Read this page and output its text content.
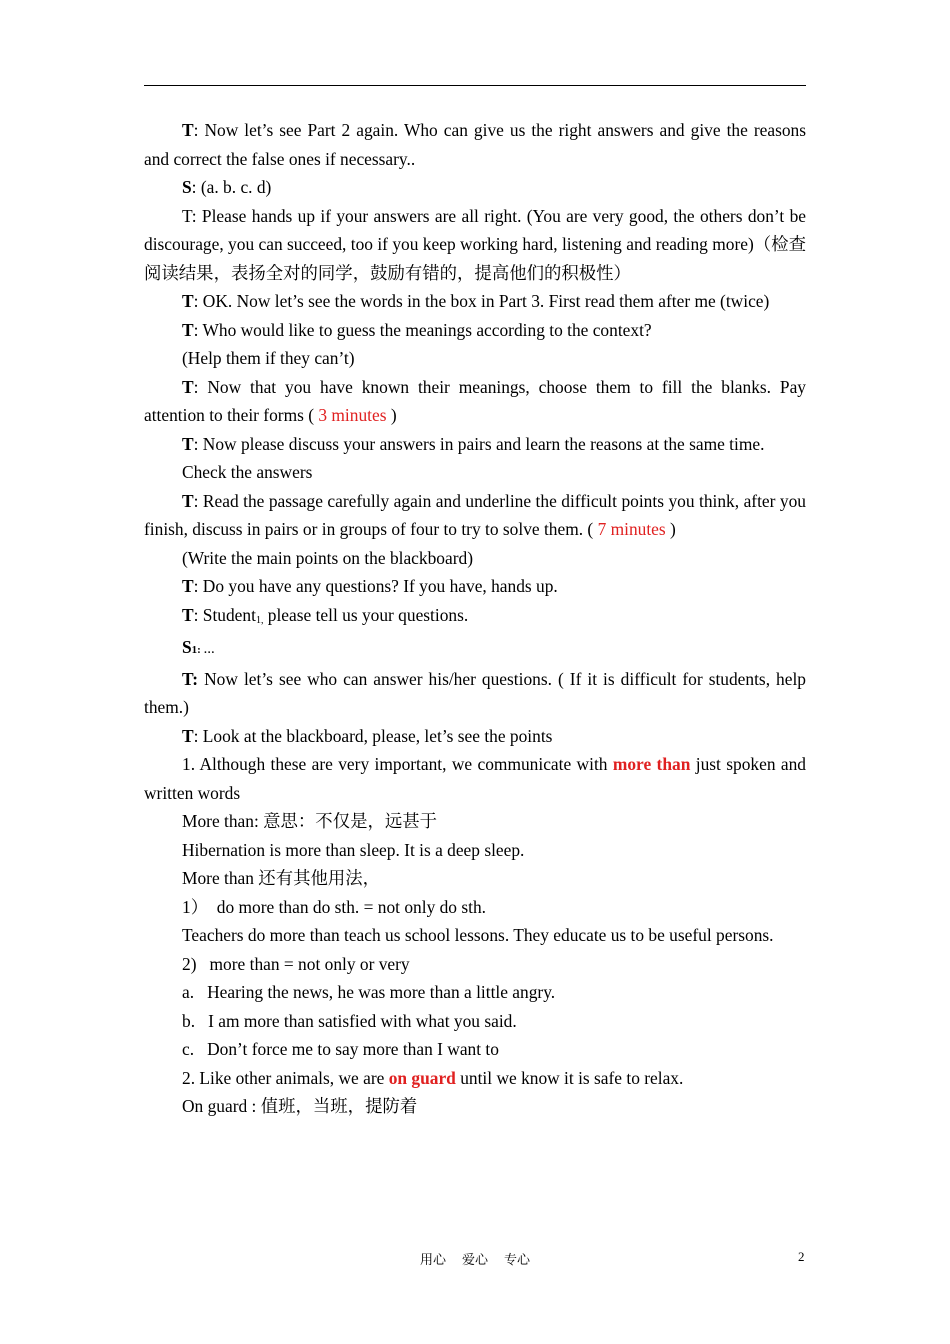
T: Now let’s see Part 2 again. Who can give us the right answers and give the reasons and correct the false ones if necessary..

S: (a. b. c. d)

T: Please hands up if your answers are all right. (You are very good, the others don’t be discourage, you can succeed, too if you keep working hard, listening and reading more)（检查阅读结果，表扬全对的同学，鼓励有错的，提高他们的积极性）

T: OK. Now let’s see the words in the box in Part 3. First read them after me (twice)

T: Who would like to guess the meanings according to the context?

(Help them if they can’t)

T: Now that you have known their meanings, choose them to fill the blanks. Pay attention to their forms ( 3 minutes )

T: Now please discuss your answers in pairs and learn the reasons at the same time.

Check the answers

T: Read the passage carefully again and underline the difficult points you think, after you finish, discuss in pairs or in groups of four to try to solve them. ( 7 minutes )

(Write the main points on the blackboard)

T: Do you have any questions? If you have, hands up.

T: Student$_{1,}$ please tell us your questions.

S1: …

T: Now let’s see who can answer his/her questions. ( If it is difficult for students, help them.)

T: Look at the blackboard, please, let’s see the points

1. Although these are very important, we communicate with more than just spoken and written words

More than: 意思：不仅是，远甚于

Hibernation is more than sleep. It is a deep sleep.

More than 还有其他用法，

1）  do more than do sth. = not only do sth.

Teachers do more than teach us school lessons. They educate us to be useful persons.

2)   more than = not only or very

a.   Hearing the news, he was more than a little angry.

b.   I am more than satisfied with what you said.

c.   Don’t force me to say more than I want to

2. Like other animals, we are on guard until we know it is safe to relax.

On guard : 值班，当班，提防着

用心 爱心 专心	2
